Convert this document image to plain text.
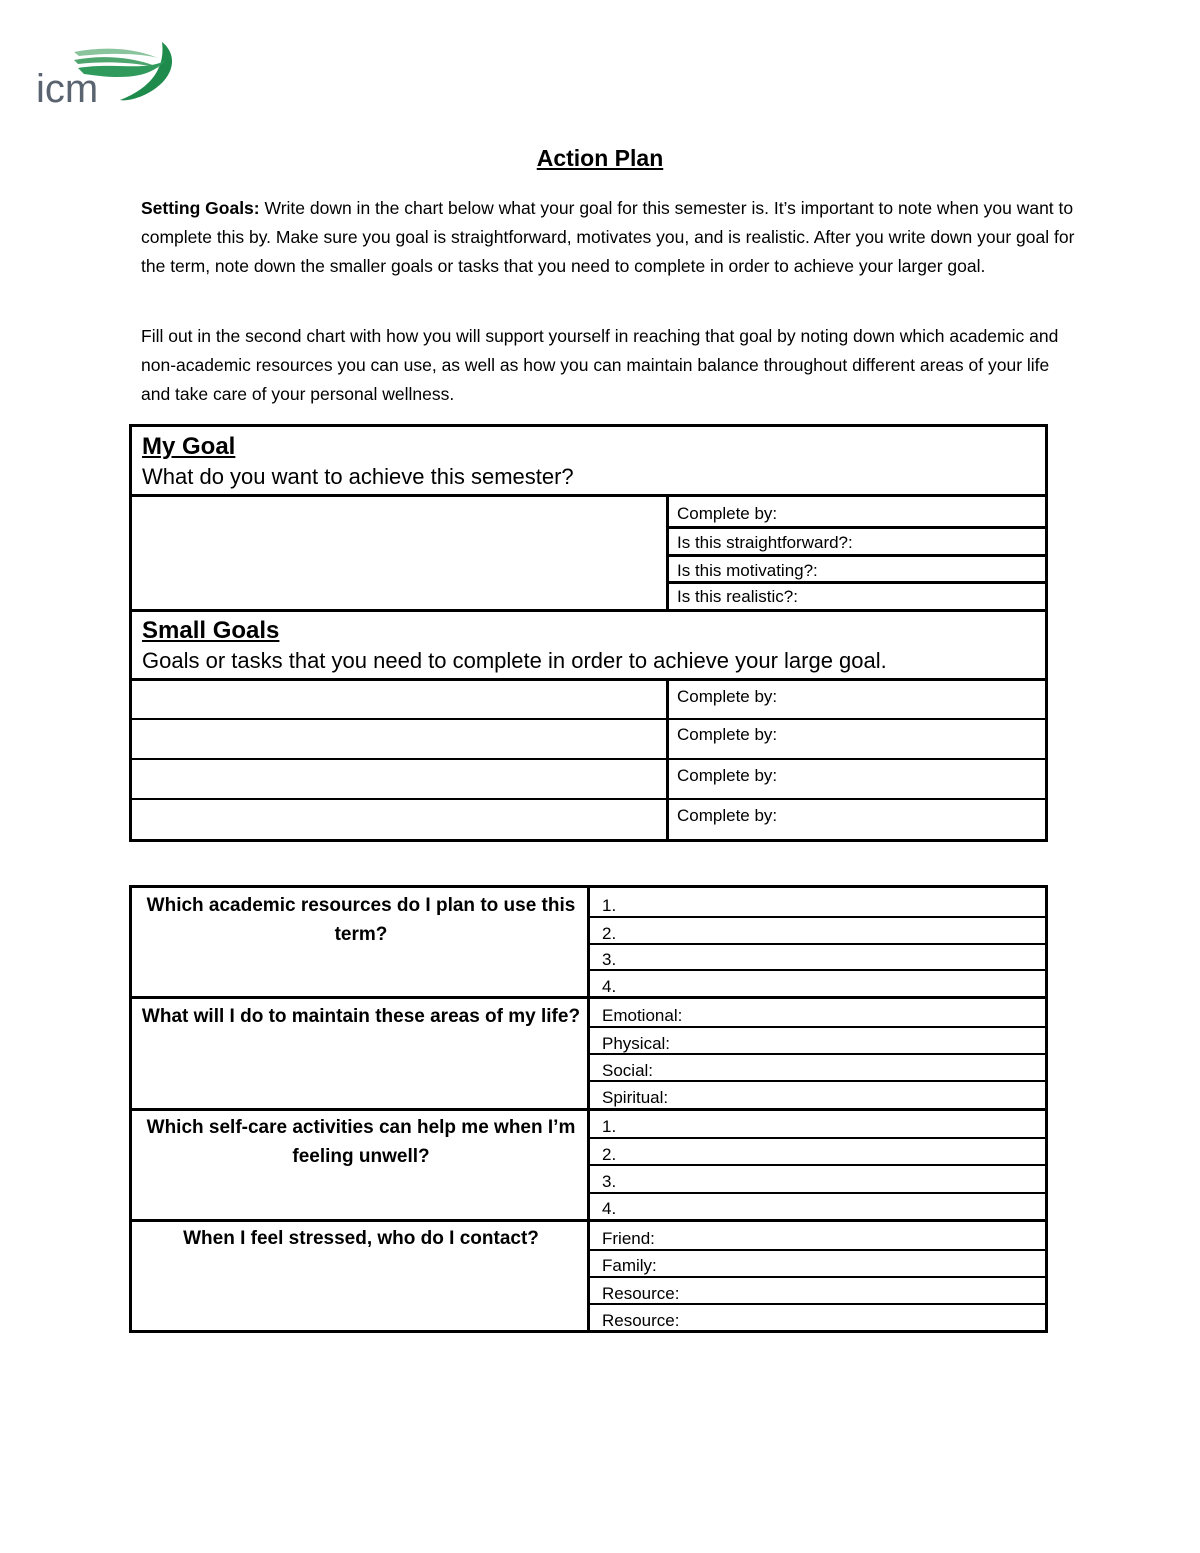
icm
Action Plan
Setting Goals: Write down in the chart below what your goal for this semester is. It’s important to note when you want to complete this by. Make sure you goal is straightforward, motivates you, and is realistic. After you write down your goal for the term, note down the smaller goals or tasks that you need to complete in order to achieve your larger goal.
Fill out in the second chart with how you will support yourself in reaching that goal by noting down which academic and non-academic resources you can use, as well as how you can maintain balance throughout different areas of your life and take care of your personal wellness.
My Goal
What do you want to achieve this semester?
Complete by:
Is this straightforward?:
Is this motivating?:
Is this realistic?:
Small Goals
Goals or tasks that you need to complete in order to achieve your large goal.
Complete by:
Complete by:
Complete by:
Complete by:
Which academic resources do I plan to use this term?
1.
2.
3.
4.
What will I do to maintain these areas of my life?	Emotional:
Physical:
Social:
Spiritual:
Which self-care activities can help me when I’m feeling unwell?
1.
2.
3.
4.
When I feel stressed, who do I contact?	Friend:
Family:
Resource:
Resource:
